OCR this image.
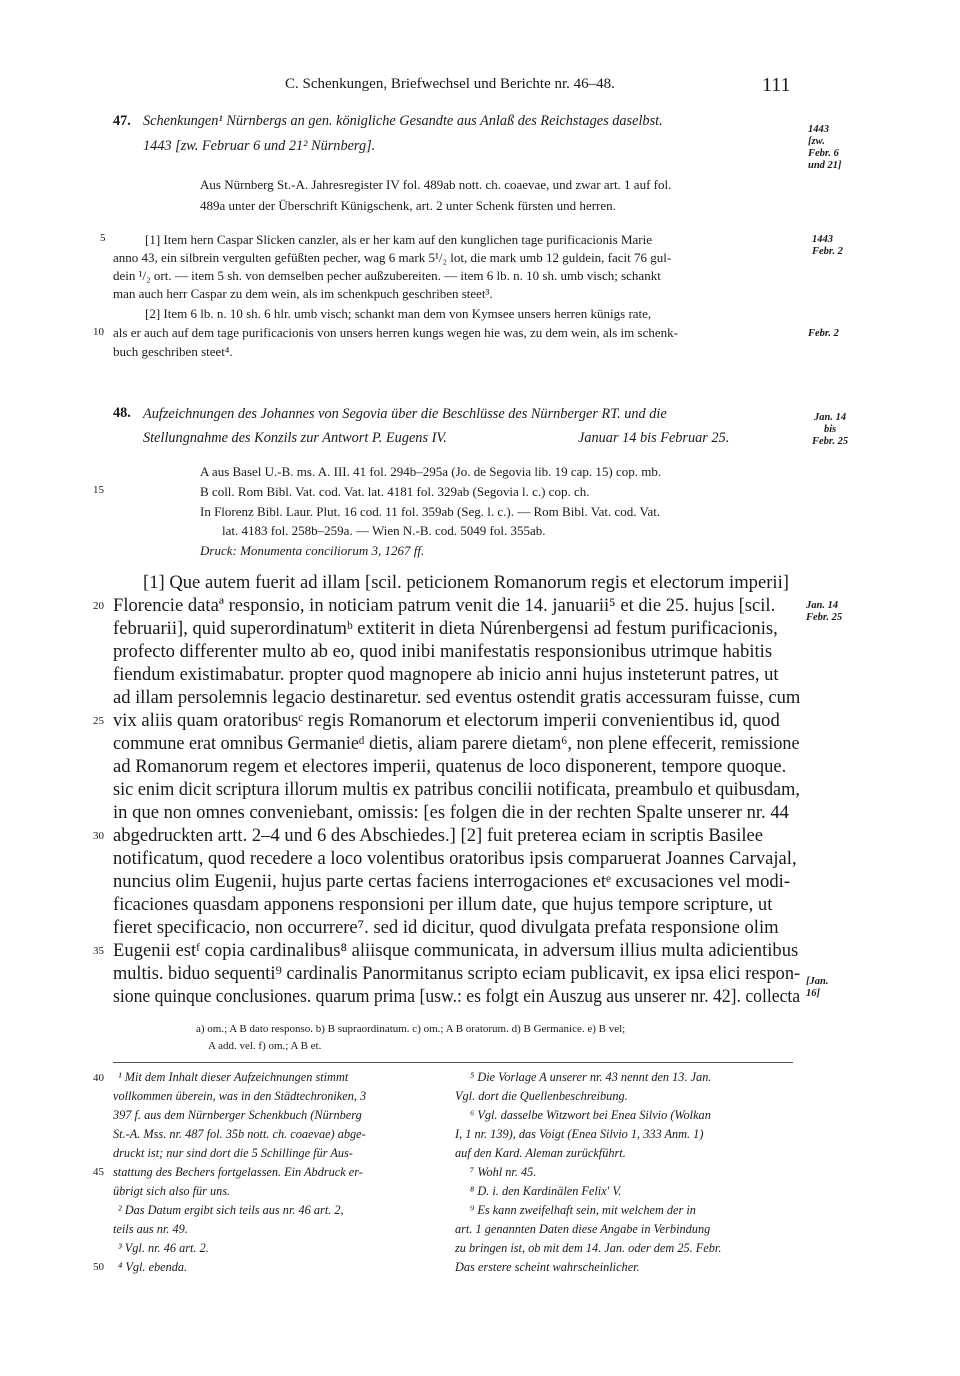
C. Schenkungen, Briefwechsel und Berichte nr. 46–48.	111
47. Schenkungen¹ Nürnbergs an gen. königliche Gesandte aus Anlaß des Reichstages daselbst.
1443 [zw. Februar 6 und 21² Nürnberg].
1443
[zw.
Febr. 6
und 21]
Aus Nürnberg St.-A. Jahresregister IV fol. 489ab nott. ch. coaevae, und zwar art. 1 auf fol.
489a unter der Überschrift Künigschenk, art. 2 unter Schenk fürsten und herren.
[1] Item hern Caspar Slicken canzler, als er her kam auf den kunglichen tage purificacionis Marie
anno 43, ein silbrein vergulten gefüßten pecher, wag 6 mark 5¹/₂ lot, die mark umb 12 guldein, facit 76 gul-
dein ¹/₂ ort. — item 5 sh. von demselben pecher außzubereiten. — item 6 lb. n. 10 sh. umb visch; schankt
man auch herr Caspar zu dem wein, als im schenkpuch geschriben steet³.
1443
Febr. 2
[2] Item 6 lb. n. 10 sh. 6 hlr. umb visch; schankt man dem von Kymsee unsers herren künigs rate,
als er auch auf dem tage purificacionis von unsers herren kungs wegen hie was, zu dem wein, als im schenk-
buch geschriben steet⁴.
Febr. 2
48. Aufzeichnungen des Johannes von Segovia über die Beschlüsse des Nürnberger RT. und die
Stellungnahme des Konzils zur Antwort P. Eugens IV.	Januar 14 bis Februar 25.
Jan. 14
bis
Febr. 25
A aus Basel U.-B. ms. A. III. 41 fol. 294b–295a (Jo. de Segovia lib. 19 cap. 15) cop. mb.
B coll. Rom Bibl. Vat. cod. Vat. lat. 4181 fol. 329ab (Segovia l. c.) cop. ch.
In Florenz Bibl. Laur. Plut. 16 cod. 11 fol. 359ab (Seg. l. c.). — Rom Bibl. Vat. cod. Vat.
lat. 4183 fol. 258b–259a. — Wien N.-B. cod. 5049 fol. 355ab.
Druck: Monumenta conciliorum 3, 1267 ff.
[1] Que autem fuerit ad illam [scil. peticionem Romanorum regis et electorum imperii]
Florencie dataª responsio, in noticiam patrum venit die 14. januarii⁵ et die 25. hujus [scil.
februarii], quid superordinatumᵇ extiterit in dieta Núrenbergensi ad festum purificacionis,
profecto differenter multo ab eo, quod inibi manifestatis responsionibus utrimque habitis
fiendum existimabatur. propter quod magnopere ab inicio anni hujus insteterunt patres, ut
ad illam persolemnis legacio destinaretur. sed eventus ostendit gratis accessuram fuisse, cum
vix aliis quam oratoribusᶜ regis Romanorum et electorum imperii convenientibus id, quod
commune erat omnibus Germanieᵈ dietis, aliam parere dietam⁶, non plene effecerit, remissione
ad Romanorum regem et electores imperii, quatenus de loco disponerent, tempore quoque.
sic enim dicit scriptura illorum multis ex patribus concilii notificata, preambulo et quibusdam,
in que non omnes conveniebant, omissis: [es folgen die in der rechten Spalte unserer nr. 44
abgedruckten artt. 2–4 und 6 des Abschiedes.] [2] fuit preterea eciam in scriptis Basilee
notificatum, quod recedere a loco volentibus oratoribus ipsis comparuerat Joannes Carvajal,
nuncius olim Eugenii, hujus parte certas faciens interrogaciones etᵉ excusaciones vel modi-
ficaciones quasdam apponens responsioni per illum date, que hujus tempore scripture, ut
fieret specificacio, non occurrere⁷. sed id dicitur, quod divulgata prefata responsione olim
Eugenii estᶠ copia cardinalibus⁸ aliisque communicata, in adversum illius multa adicientibus
multis. biduo sequenti⁹ cardinalis Panormitanus scripto eciam publicavit, ex ipsa elici respon-
sione quinque conclusiones. quarum prima [usw.: es folgt ein Auszug aus unserer nr. 42]. collecta
Jan. 14
Febr. 25
[Jan.
16]
5
10
15
20
25
30
35
40
45
50
a) om.; A B dato responso. b) B supraordinatum. c) om.; A B oratorum. d) B Germanice. e) B vel;
A add. vel. f) om.; A B et.
¹ Mit dem Inhalt dieser Aufzeichnungen stimmt
vollkommen überein, was in den Städtechroniken, 3
397 f. aus dem Nürnberger Schenkbuch (Nürnberg
St.-A. Mss. nr. 487 fol. 35b nott. ch. coaevae) abge-
druckt ist; nur sind dort die 5 Schillinge für Aus-
stattung des Bechers fortgelassen. Ein Abdruck er-
übrigt sich also für uns.
² Das Datum ergibt sich teils aus nr. 46 art. 2,
teils aus nr. 49.
³ Vgl. nr. 46 art. 2.
⁴ Vgl. ebenda.
⁵ Die Vorlage A unserer nr. 43 nennt den 13. Jan.
Vgl. dort die Quellenbeschreibung.
⁶ Vgl. dasselbe Witzwort bei Enea Silvio (Wolkan
I, 1 nr. 139), das Voigt (Enea Silvio 1, 333 Anm. 1)
auf den Kard. Aleman zurückführt.
⁷ Wohl nr. 45.
⁸ D. i. den Kardinälen Felix' V.
⁹ Es kann zweifelhaft sein, mit welchem der in
art. 1 genannten Daten diese Angabe in Verbindung
zu bringen ist, ob mit dem 14. Jan. oder dem 25. Febr.
Das erstere scheint wahrscheinlicher.
